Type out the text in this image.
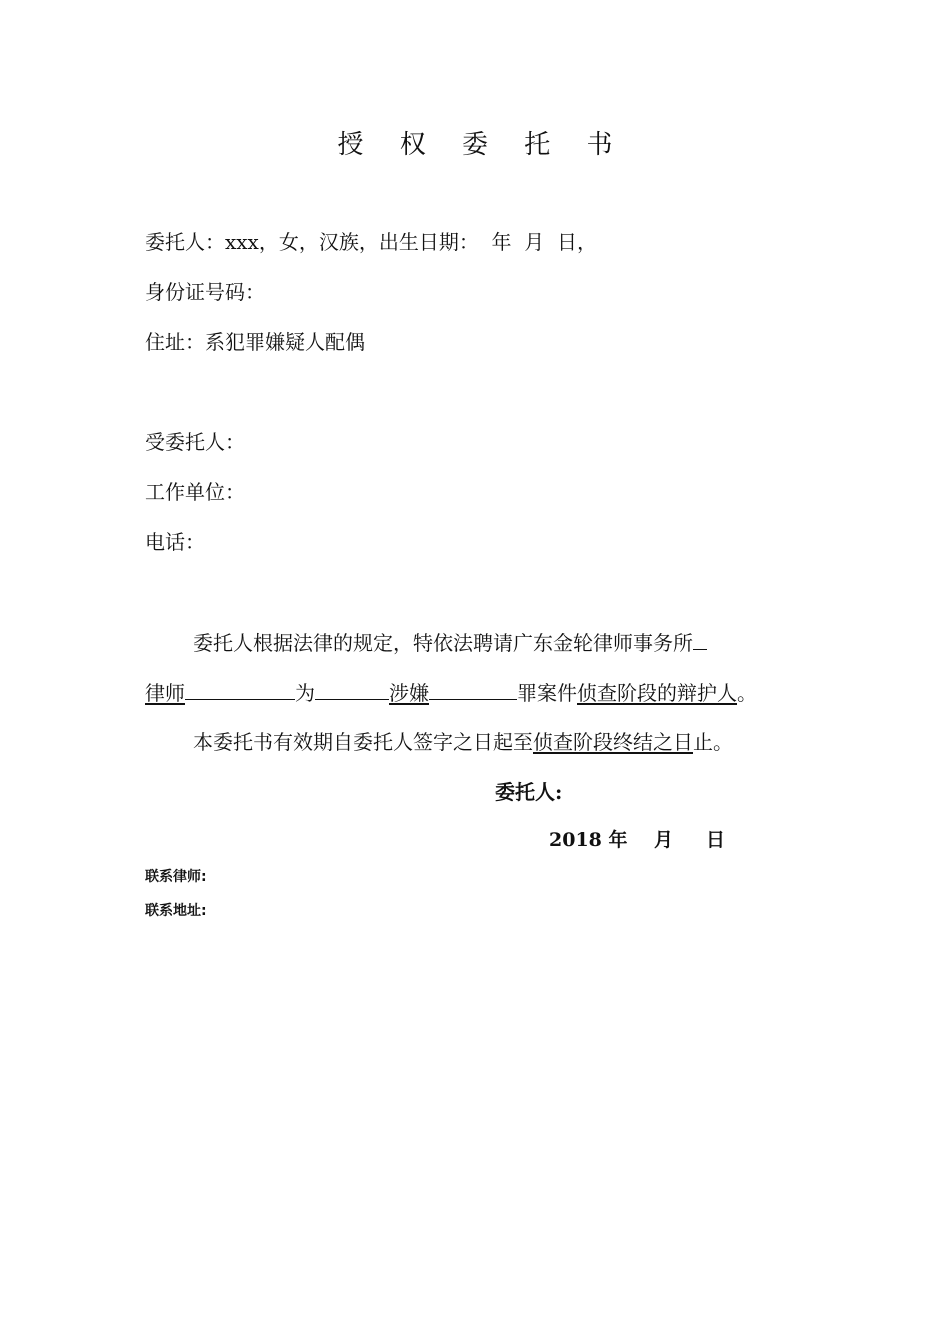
授 权 委 托 书
委托人：xxx，女，汉族，出生日期：  年  月  日，
身份证号码：
住址：系犯罪嫌疑人配偶
受委托人：
工作单位：
电话：
委托人根据法律的规定，特依法聘请广东金轮律师事务所
律师	为	涉嫌	罪案件侦查阶段的辩护人。
本委托书有效期自委托人签字之日起至侦查阶段终结之日止。
委托人:
2018 年    月     日
联系律师:
联系地址:
